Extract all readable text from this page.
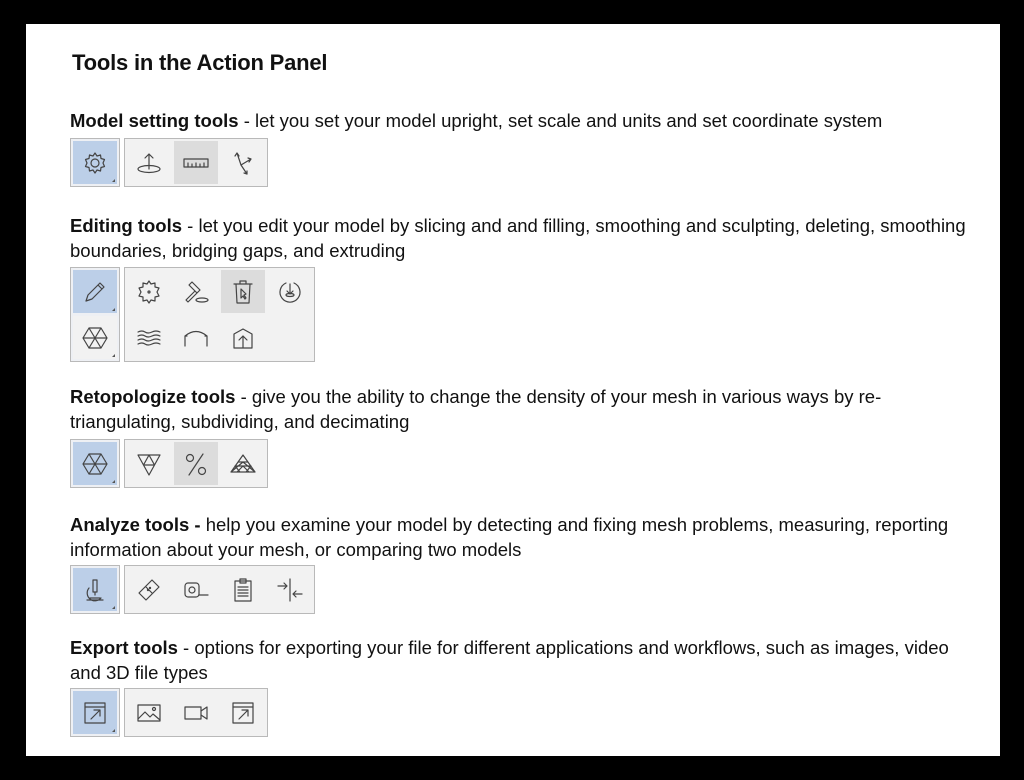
Tools in the Action Panel
Model setting tools - let you set your model upright, set scale and units and set coordinate system
Editing tools - let you edit your model by slicing and and filling, smoothing and sculpting, deleting, smoothing boundaries, bridging gaps, and extruding
Retopologize tools - give you the ability to change the density of your mesh in various ways by re-triangulating, subdividing, and decimating
Analyze tools - help you examine your model by detecting and fixing mesh problems, measuring, reporting information about your mesh, or comparing two models
Export tools - options for exporting your file for different applications and workflows, such as images, video and 3D file types
